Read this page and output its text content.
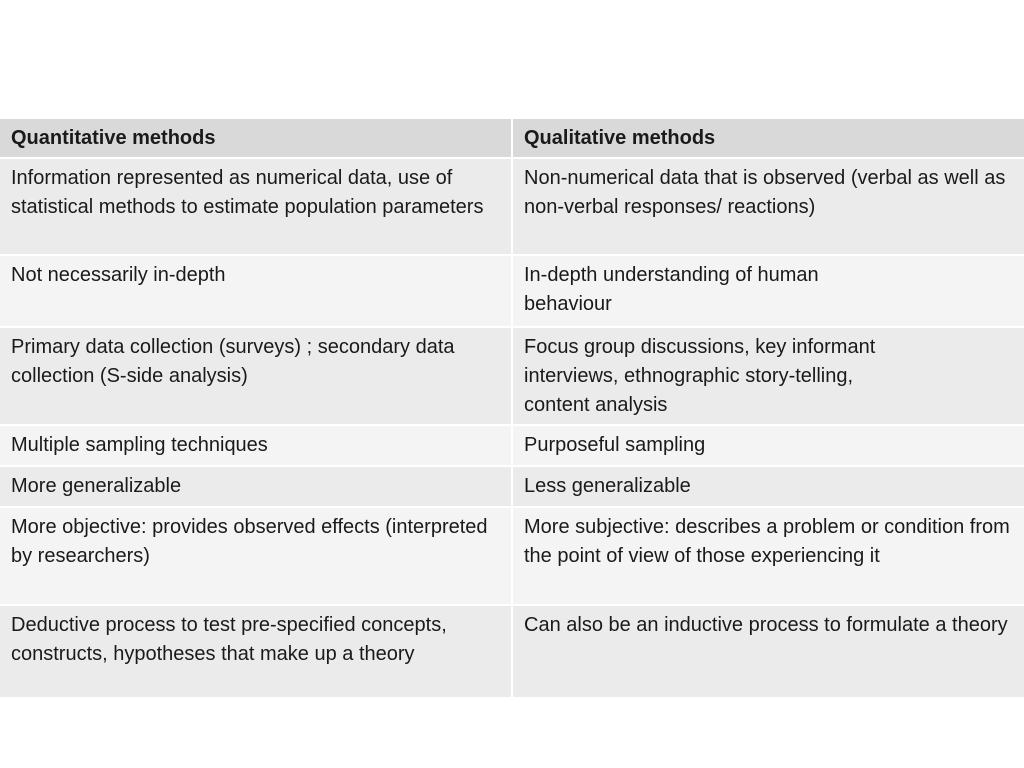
Quantitative methods	Qualitative methods
Information represented as numerical data, use of statistical methods to estimate population parameters	Non-numerical data that is observed (verbal as well as non-verbal responses/ reactions)
Not necessarily in-depth	In-depth understanding of human behaviour
Primary data collection (surveys) ; secondary data collection (S-side analysis)	Focus group discussions, key informant interviews, ethnographic story-telling, content analysis
Multiple sampling techniques	Purposeful sampling
More generalizable	Less generalizable
More objective: provides observed effects (interpreted by researchers)	More subjective: describes a problem or condition from the point of view of those experiencing it
Deductive process to test pre-specified concepts, constructs, hypotheses that make up a theory	Can also be an inductive process to formulate a theory
